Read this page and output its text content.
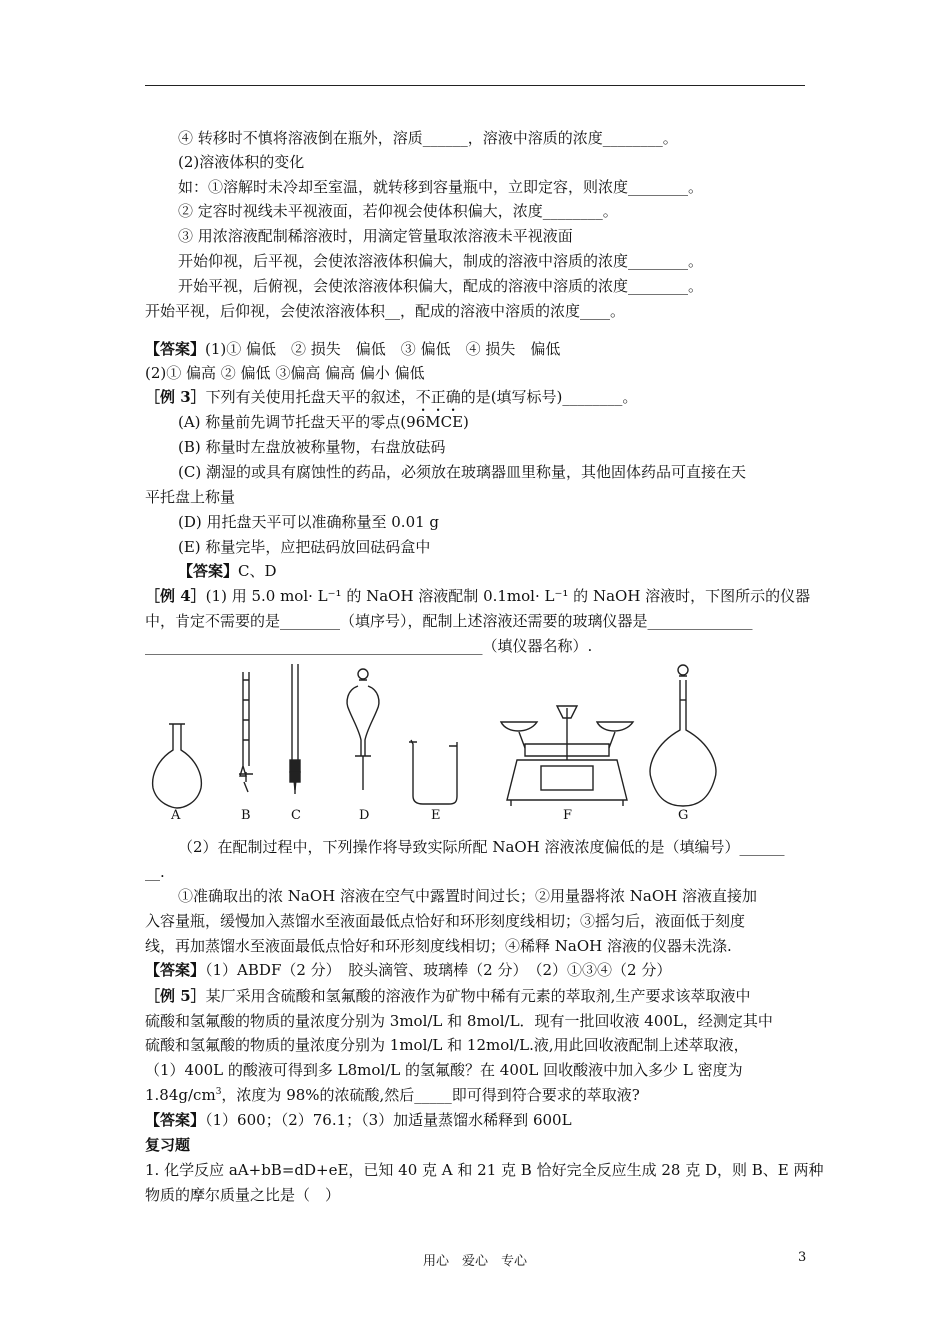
④ 转移时不慎将溶液倒在瓶外，溶质______，溶液中溶质的浓度________。
(2)溶液体积的变化
如：①溶解时未冷却至室温，就转移到容量瓶中，立即定容，则浓度________。
② 定容时视线未平视液面，若仰视会使体积偏大，浓度________。
③ 用浓溶液配制稀溶液时，用滴定管量取浓溶液未平视液面
开始仰视，后平视，会使浓溶液体积偏大，制成的溶液中溶质的浓度________。
开始平视，后俯视，会使浓溶液体积偏大，配成的溶液中溶质的浓度________。
开始平视，后仰视，会使浓溶液体积__，配成的溶液中溶质的浓度____。
【答案】(1)① 偏低　② 损失　偏低　③ 偏低　④ 损失　偏低
(2)① 偏高 ② 偏低 ③偏高 偏高 偏小 偏低
［例 3］下列有关使用托盘天平的叙述，不正确的是(填写标号)________。
(A) 称量前先调节托盘天平的零点(96MCE)
(B) 称量时左盘放被称量物，右盘放砝码
(C) 潮湿的或具有腐蚀性的药品，必须放在玻璃器皿里称量，其他固体药品可直接在天
平托盘上称量
(D) 用托盘天平可以准确称量至 0.01 g
(E) 称量完毕，应把砝码放回砝码盒中
【答案】C、D
［例 4］(1) 用 5.0 mol· L⁻¹ 的 NaOH 溶液配制 0.1mol· L⁻¹ 的 NaOH 溶液时，下图所示的仪器
中，肯定不需要的是________（填序号），配制上述溶液还需要的玻璃仪器是______________
_____________________________________________（填仪器名称）.
A	B	C	D	E	F	G
（2）在配制过程中，下列操作将导致实际所配 NaOH 溶液浓度偏低的是（填编号）______
__.
①准确取出的浓 NaOH 溶液在空气中露置时间过长；②用量器将浓 NaOH 溶液直接加
入容量瓶，缓慢加入蒸馏水至液面最低点恰好和环形刻度线相切；③摇匀后，液面低于刻度
线，再加蒸馏水至液面最低点恰好和环形刻度线相切；④稀释 NaOH 溶液的仪器未洗涤.
【答案】（1）ABDF（2 分）　胶头滴管、玻璃棒（2 分）　（2）①③④（2 分）
［例 5］某厂采用含硫酸和氢氟酸的溶液作为矿物中稀有元素的萃取剂,生产要求该萃取液中
硫酸和氢氟酸的物质的量浓度分别为 3mol/L 和 8mol/L．现有一批回收液 400L，经测定其中
硫酸和氢氟酸的物质的量浓度分别为 1mol/L 和 12mol/L.液,用此回收液配制上述萃取液，
（1）400L 的酸液可得到多 L8mol/L 的氢氟酸？在 400L 回收酸液中加入多少 L 密度为
$1.84g/cm^3$，浓度为 98%的浓硫酸,然后_____即可得到符合要求的萃取液?
【答案】（1）600；（2）76.1；（3）加适量蒸馏水稀释到 600L
复习题
1. 化学反应 aA+bB=dD+eE，已知 40 克 A 和 21 克 B 恰好完全反应生成 28 克 D，则 B、E 两种
物质的摩尔质量之比是（　）
用心　爱心　专心	3
